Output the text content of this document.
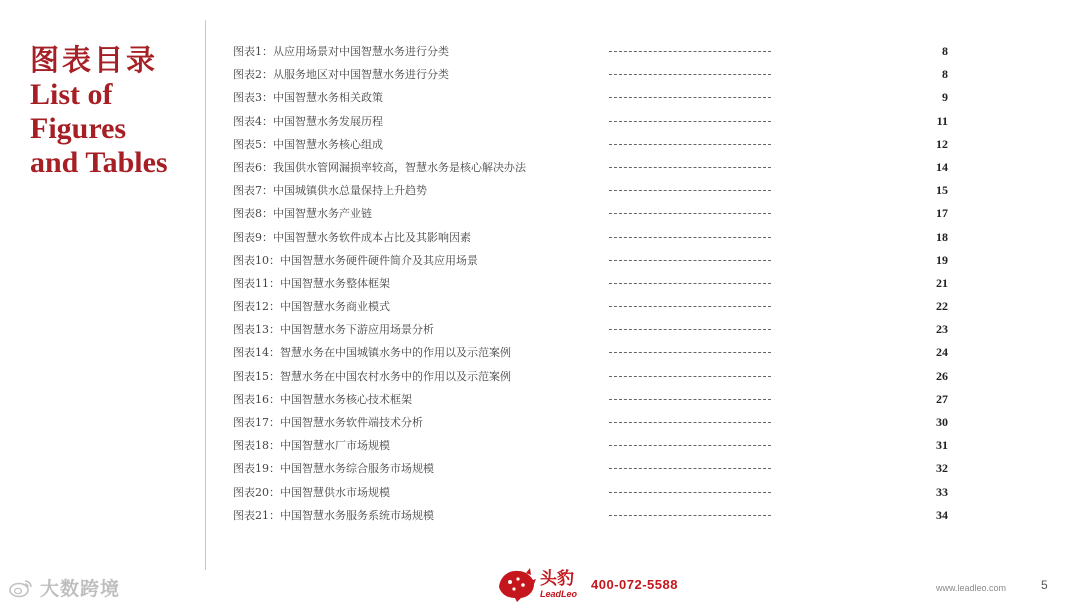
图表目录
List of
Figures
and Tables
图表1：从应用场景对中国智慧水务进行分类	8
图表2：从服务地区对中国智慧水务进行分类	8
图表3：中国智慧水务相关政策	9
图表4：中国智慧水务发展历程	11
图表5：中国智慧水务核心组成	12
图表6：我国供水管网漏损率较高，智慧水务是核心解决办法	14
图表7：中国城镇供水总量保持上升趋势	15
图表8：中国智慧水务产业链	17
图表9：中国智慧水务软件成本占比及其影响因素	18
图表10：中国智慧水务硬件硬件简介及其应用场景	19
图表11：中国智慧水务整体框架	21
图表12：中国智慧水务商业模式	22
图表13：中国智慧水务下游应用场景分析	23
图表14：智慧水务在中国城镇水务中的作用以及示范案例	24
图表15：智慧水务在中国农村水务中的作用以及示范案例	26
图表16：中国智慧水务核心技术框架	27
图表17：中国智慧水务软件端技术分析	30
图表18：中国智慧水厂市场规模	31
图表19：中国智慧水务综合服务市场规模	32
图表20：中国智慧供水市场规模	33
图表21：中国智慧水务服务系统市场规模	34
大数跨境	头豹
LeadLeo
400-072-5588	www.leadleo.com	5
